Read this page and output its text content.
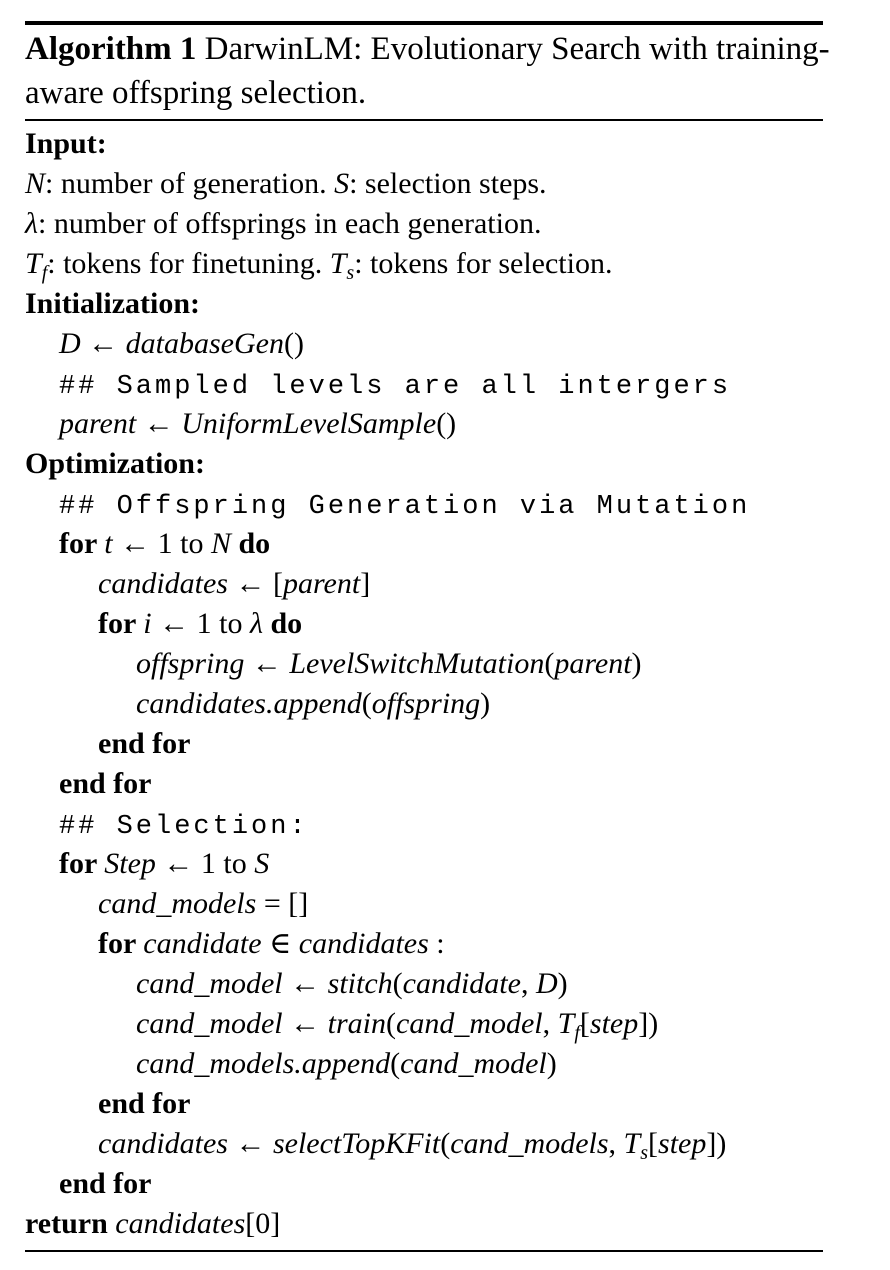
Algorithm 1 DarwinLM: Evolutionary Search with training-aware offspring selection.
Input:
N: number of generation. S: selection steps.
λ: number of offsprings in each generation.
$T_f$: tokens for finetuning. $T_s$: tokens for selection.
Initialization:
D ← databaseGen()
## Sampled levels are all intergers
parent ← UniformLevelSample()
Optimization:
## Offspring Generation via Mutation
for t ← 1 to N do
candidates ← [parent]
for i ← 1 to λ do
offspring ← LevelSwitchMutation(parent)
candidates.append(offspring)
end for
end for
## Selection:
for Step ← 1 to S
cand_models = []
for candidate ∈ candidates :
cand_model ← stitch(candidate, D)
cand_model ← train(cand_model, $T_f[step]$)
cand_models.append(cand_model)
end for
candidates ← selectTopKFit(cand_models, $T_s[step]$)
end for
return candidates[0]
